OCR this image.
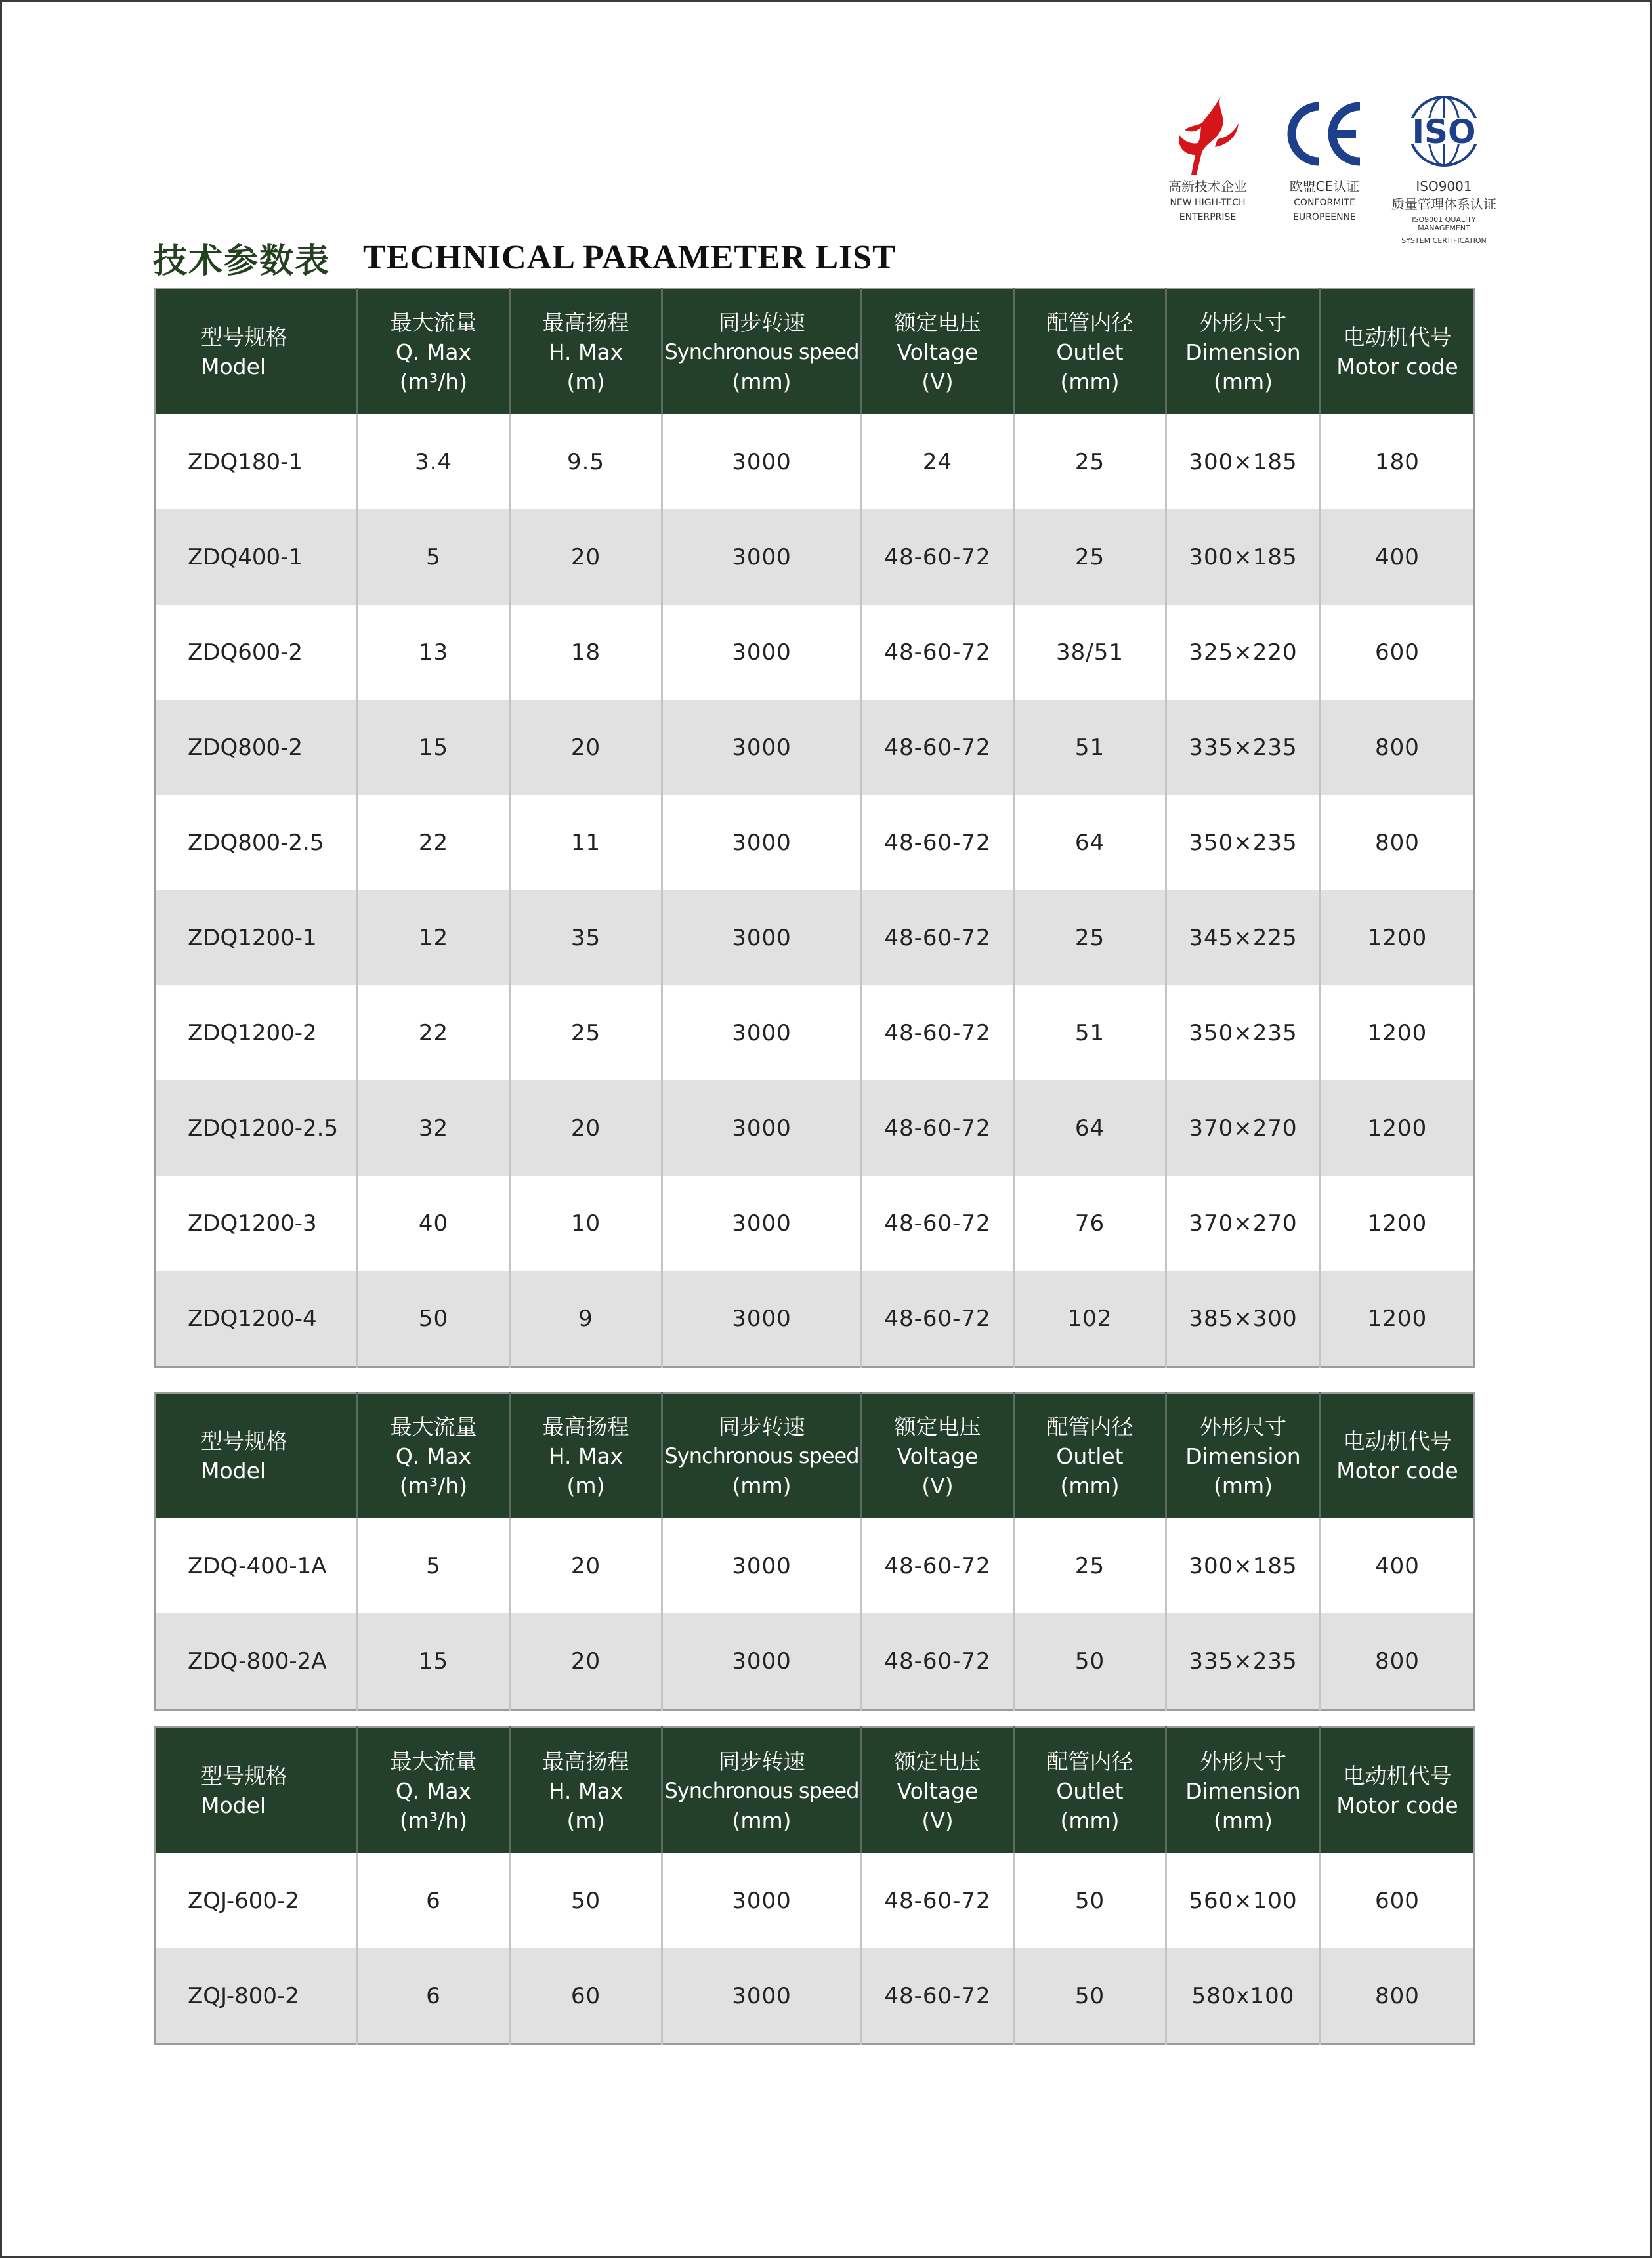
高新技术企业
NEW HIGH-TECH
ENTERPRISE
欧盟CE认证
CONFORMITE
EUROPEENNE
ISO
ISO9001
质量管理体系认证
ISO9001 QUALITY MANAGEMENT
SYSTEM CERTIFICATION
技术参数表 TECHNICAL PARAMETER LIST
型号规格
Model	最大流量
Q. Max
(m³/h)	最高扬程
H. Max
(m)	同步转速
Synchronous speed
(mm)	额定电压
Voltage
(V)	配管内径
Outlet
(mm)	外形尺寸
Dimension
(mm)	电动机代号
Motor code

ZDQ180-1	3.4	9.5	3000	24	25	300×185	180
ZDQ400-1	5	20	3000	48-60-72	25	300×185	400
ZDQ600-2	13	18	3000	48-60-72	38/51	325×220	600
ZDQ800-2	15	20	3000	48-60-72	51	335×235	800
ZDQ800-2.5	22	11	3000	48-60-72	64	350×235	800
ZDQ1200-1	12	35	3000	48-60-72	25	345×225	1200
ZDQ1200-2	22	25	3000	48-60-72	51	350×235	1200
ZDQ1200-2.5	32	20	3000	48-60-72	64	370×270	1200
ZDQ1200-3	40	10	3000	48-60-72	76	370×270	1200
ZDQ1200-4	50	9	3000	48-60-72	102	385×300	1200
型号规格
Model	最大流量
Q. Max
(m³/h)	最高扬程
H. Max
(m)	同步转速
Synchronous speed
(mm)	额定电压
Voltage
(V)	配管内径
Outlet
(mm)	外形尺寸
Dimension
(mm)	电动机代号
Motor code

ZDQ-400-1A	5	20	3000	48-60-72	25	300×185	400
ZDQ-800-2A	15	20	3000	48-60-72	50	335×235	800
型号规格
Model	最大流量
Q. Max
(m³/h)	最高扬程
H. Max
(m)	同步转速
Synchronous speed
(mm)	额定电压
Voltage
(V)	配管内径
Outlet
(mm)	外形尺寸
Dimension
(mm)	电动机代号
Motor code

ZQJ-600-2	6	50	3000	48-60-72	50	560×100	600
ZQJ-800-2	6	60	3000	48-60-72	50	580x100	800
